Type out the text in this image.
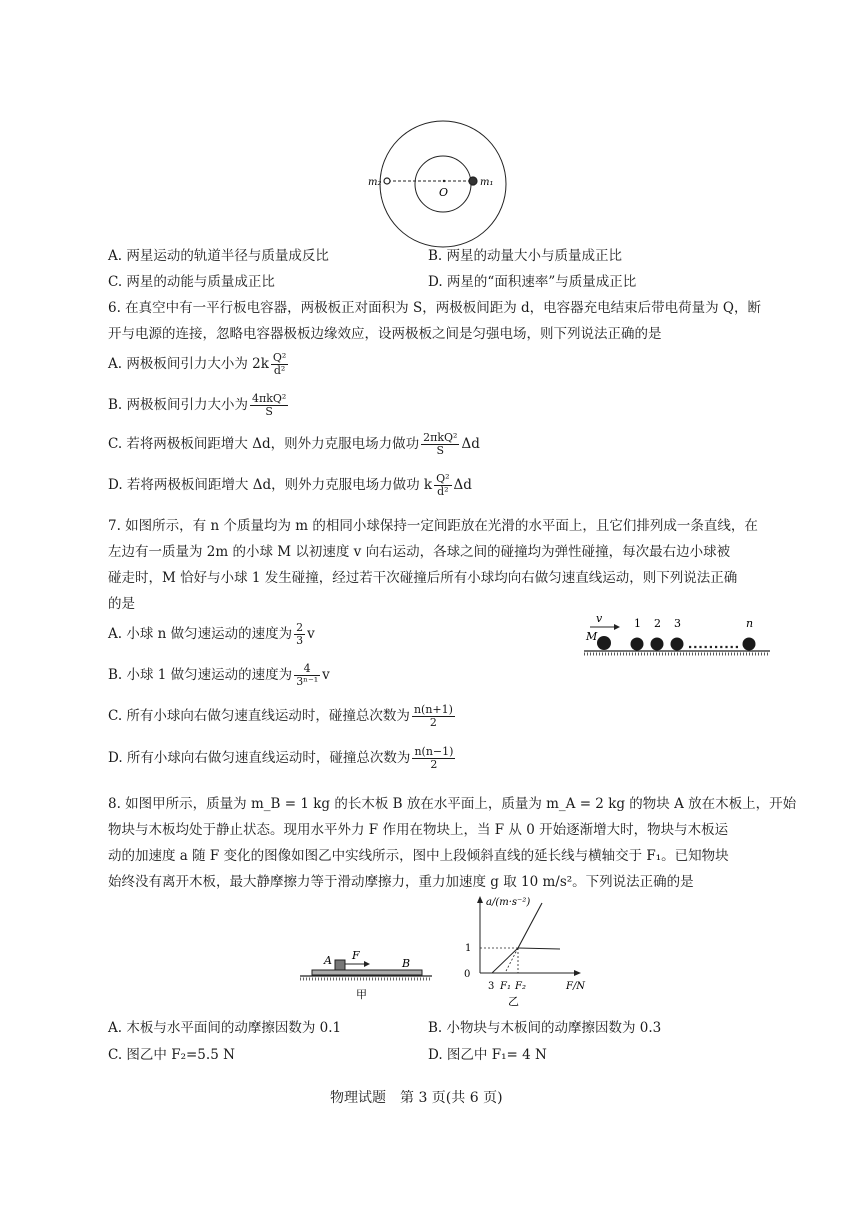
m₂
O
m₁
A. 两星运动的轨道半径与质量成反比	B. 两星的动量大小与质量成正比
C. 两星的动能与质量成正比	D. 两星的“面积速率”与质量成正比
6. 在真空中有一平行板电容器，两极板正对面积为 S，两极板间距为 d，电容器充电结束后带电荷量为 Q，断
开与电源的连接，忽略电容器极板边缘效应，设两极板之间是匀强电场，则下列说法正确的是
A. 两极板间引力大小为 $2k \frac{\text{Q²}}{\text{d²}}$
B. 两极板间引力大小为 $\frac{\text{4πkQ²}}{S}$
C. 若将两极板间距增大 Δd，则外力克服电场力做功 $\frac{\text{2πkQ²}}{S}$ Δd
D. 若将两极板间距增大 Δd，则外力克服电场力做功 k $\frac{\text{Q²}}{\text{d²}}$ Δd
7. 如图所示，有 n 个质量均为 m 的相同小球保持一定间距放在光滑的水平面上，且它们排列成一条直线，在
左边有一质量为 2m 的小球 M 以初速度 v 向右运动，各球之间的碰撞均为弹性碰撞，每次最右边小球被
碰走时，M 恰好与小球 1 发生碰撞，经过若干次碰撞后所有小球均向右做匀速直线运动，则下列说法正确
的是
A. 小球 n 做匀速运动的速度为 $\frac{2}{3}$ v
B. 小球 1 做匀速运动的速度为 $\frac{4}{\text{3ⁿ⁻¹}}$ v
C. 所有小球向右做匀速直线运动时，碰撞总次数为 $\frac{n(n+1)}{2}$
D. 所有小球向右做匀速直线运动时，碰撞总次数为 $\frac{n(n-1)}{2}$
v
M
1 2 3	n
8. 如图甲所示，质量为 m_B = 1 kg 的长木板 B 放在水平面上，质量为 m_A = 2 kg 的物块 A 放在木板上，开始
物块与木板均处于静止状态。现用水平外力 F 作用在物块上，当 F 从 0 开始逐渐增大时，物块与木板运
动的加速度 a 随 F 变化的图像如图乙中实线所示，图中上段倾斜直线的延长线与横轴交于 F₁。已知物块
始终没有离开木板，最大静摩擦力等于滑动摩擦力，重力加速度 g 取 10 m/s²。下列说法正确的是
A F
B
甲
a/(m·s⁻²)
1
0
3 F₁ F₂	F/N
乙
A. 木板与水平面间的动摩擦因数为 0.1	B. 小物块与木板间的动摩擦因数为 0.3
C. 图乙中 F₂=5.5 N	D. 图乙中 F₁= 4 N
物理试题　第 3 页(共 6 页)
